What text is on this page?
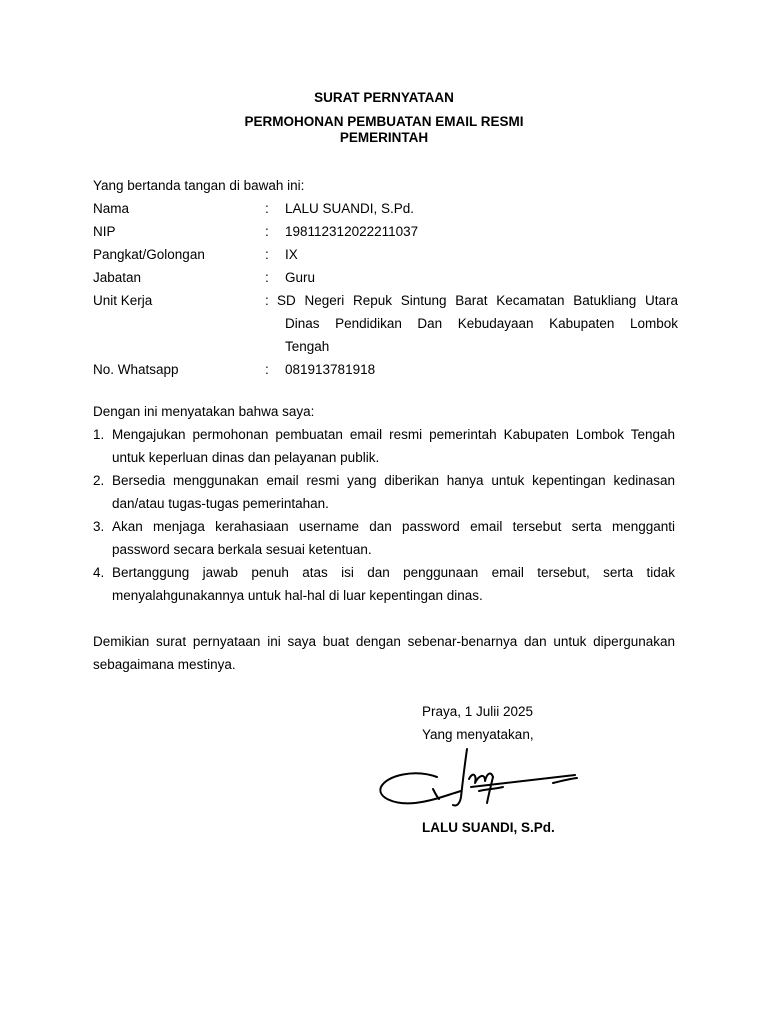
SURAT PERNYATAAN
PERMOHONAN PEMBUATAN EMAIL RESMI
PEMERINTAH
Yang bertanda tangan di bawah ini:
Nama	:	LALU SUANDI, S.Pd.
NIP	:	198112312022211037
Pangkat/Golongan	:	IX
Jabatan	:	Guru
Unit Kerja	: SD Negeri Repuk Sintung Barat Kecamatan Batukliang Utara
Dinas Pendidikan Dan Kebudayaan Kabupaten Lombok
Tengah
No. Whatsapp	:	081913781918
Dengan ini menyatakan bahwa saya:
1. Mengajukan permohonan pembuatan email resmi pemerintah Kabupaten Lombok Tengah
untuk keperluan dinas dan pelayanan publik.
2. Bersedia menggunakan email resmi yang diberikan hanya untuk kepentingan kedinasan
dan/atau tugas-tugas pemerintahan.
3. Akan menjaga kerahasiaan username dan password email tersebut serta mengganti
password secara berkala sesuai ketentuan.
4. Bertanggung jawab penuh atas isi dan penggunaan email tersebut, serta tidak
menyalahgunakannya untuk hal-hal di luar kepentingan dinas.
Demikian surat pernyataan ini saya buat dengan sebenar-benarnya dan untuk dipergunakan
sebagaimana mestinya.
Praya, 1 Julii 2025
Yang menyatakan,
LALU SUANDI, S.Pd.
